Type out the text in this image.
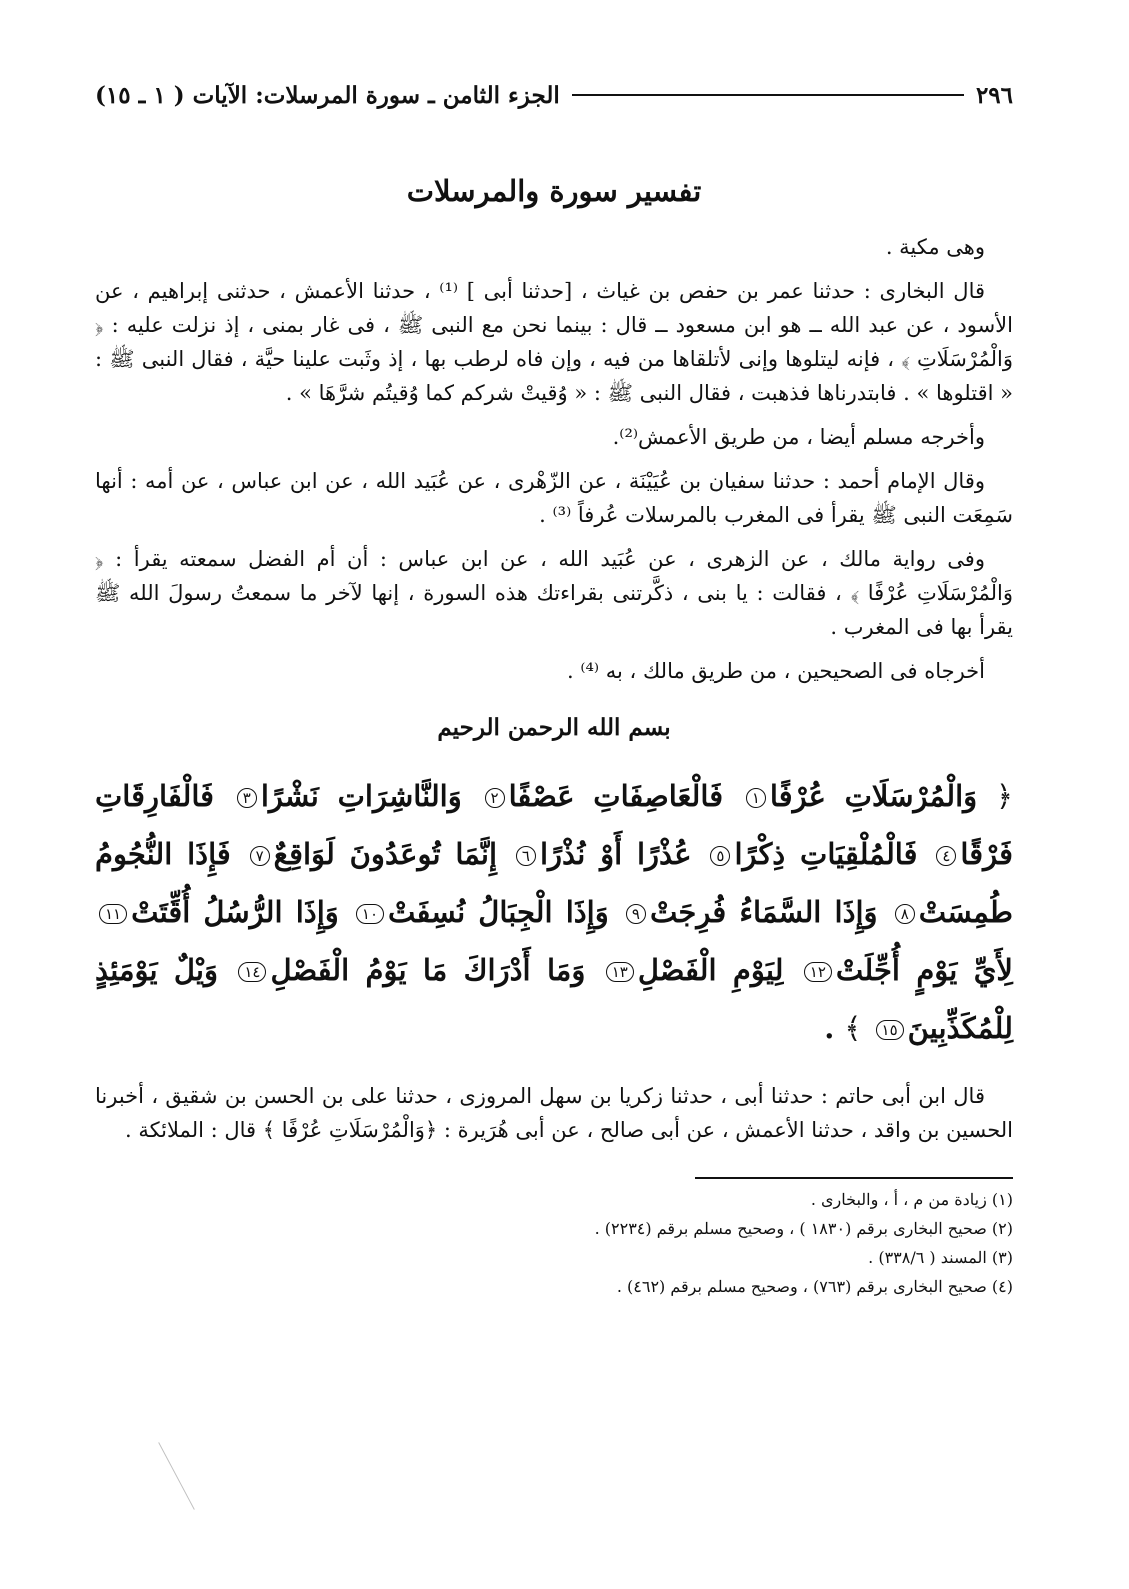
٢٩٦
الجزء الثامن ـ سورة المرسلات: الآيات ( ١ ـ ١٥)
تفسير سورة والمرسلات

وهى مكية .

قال البخارى : حدثنا عمر بن حفص بن غياث ، [حدثنا أبى ] ⁽¹⁾ ، حدثنا الأعمش ، حدثنى إبراهيم ، عن الأسود ، عن عبد الله ــ هو ابن مسعود ــ قال : بينما نحن مع النبى ﷺ ، فى غار بمنى ، إذ نزلت عليه : ﴿ وَالْمُرْسَلَاتِ ﴾ ، فإنه ليتلوها وإنى لأتلقاها من فيه ، وإن فاه لرطب بها ، إذ وثَبت علينا حيَّة ، فقال النبى ﷺ : « اقتلوها » . فابتدرناها فذهبت ، فقال النبى ﷺ : « وُقيتْ شركم كما وُقيتُم شرَّهَا » .

وأخرجه مسلم أيضا ، من طريق الأعمش⁽²⁾.

وقال الإمام أحمد : حدثنا سفيان بن عُيَيْنَة ، عن الزّهْرى ، عن عُبَيد الله ، عن ابن عباس ، عن أمه : أنها سَمِعَت النبى ﷺ يقرأ فى المغرب بالمرسلات عُرفاً ⁽³⁾ .

وفى رواية مالك ، عن الزهرى ، عن عُبَيد الله ، عن ابن عباس : أن أم الفضل سمعته يقرأ : ﴿ وَالْمُرْسَلَاتِ عُرْفًا ﴾ ، فقالت : يا بنى ، ذكَّرتنى بقراءتك هذه السورة ، إنها لآخر ما سمعتُ رسولَ الله ﷺ يقرأ بها فى المغرب .

أخرجاه فى الصحيحين ، من طريق مالك ، به ⁽⁴⁾ .

بسم الله الرحمن الرحيم
﴿ وَالْمُرْسَلَاتِ عُرْفًا١ فَالْعَاصِفَاتِ عَصْفًا٢ وَالنَّاشِرَاتِ نَشْرًا٣ فَالْفَارِقَاتِ فَرْقًا٤ فَالْمُلْقِيَاتِ ذِكْرًا٥ عُذْرًا أَوْ نُذْرًا٦ إِنَّمَا تُوعَدُونَ لَوَاقِعٌ٧ فَإِذَا النُّجُومُ طُمِسَتْ٨ وَإِذَا السَّمَاءُ فُرِجَتْ٩ وَإِذَا الْجِبَالُ نُسِفَتْ١٠ وَإِذَا الرُّسُلُ أُقِّتَتْ١١ لِأَيِّ يَوْمٍ أُجِّلَتْ١٢ لِيَوْمِ الْفَصْلِ١٣ وَمَا أَدْرَاكَ مَا يَوْمُ الْفَصْلِ١٤ وَيْلٌ يَوْمَئِذٍ لِلْمُكَذِّبِينَ١٥ ﴾ .

قال ابن أبى حاتم : حدثنا أبى ، حدثنا زكريا بن سهل المروزى ، حدثنا على بن الحسن بن شقيق ، أخبرنا الحسين بن واقد ، حدثنا الأعمش ، عن أبى صالح ، عن أبى هُرَيرة : ﴿وَالْمُرْسَلَاتِ عُرْفًا ﴾ قال : الملائكة .

(١) زيادة من م ، أ ، والبخارى .

(٢) صحيح البخارى برقم (١٨٣٠ ) ، وصحيح مسلم برقم (٢٢٣٤) .

(٣) المسند ( ٣٣٨/٦) .

(٤) صحيح البخارى برقم (٧٦٣) ، وصحيح مسلم برقم (٤٦٢) .
